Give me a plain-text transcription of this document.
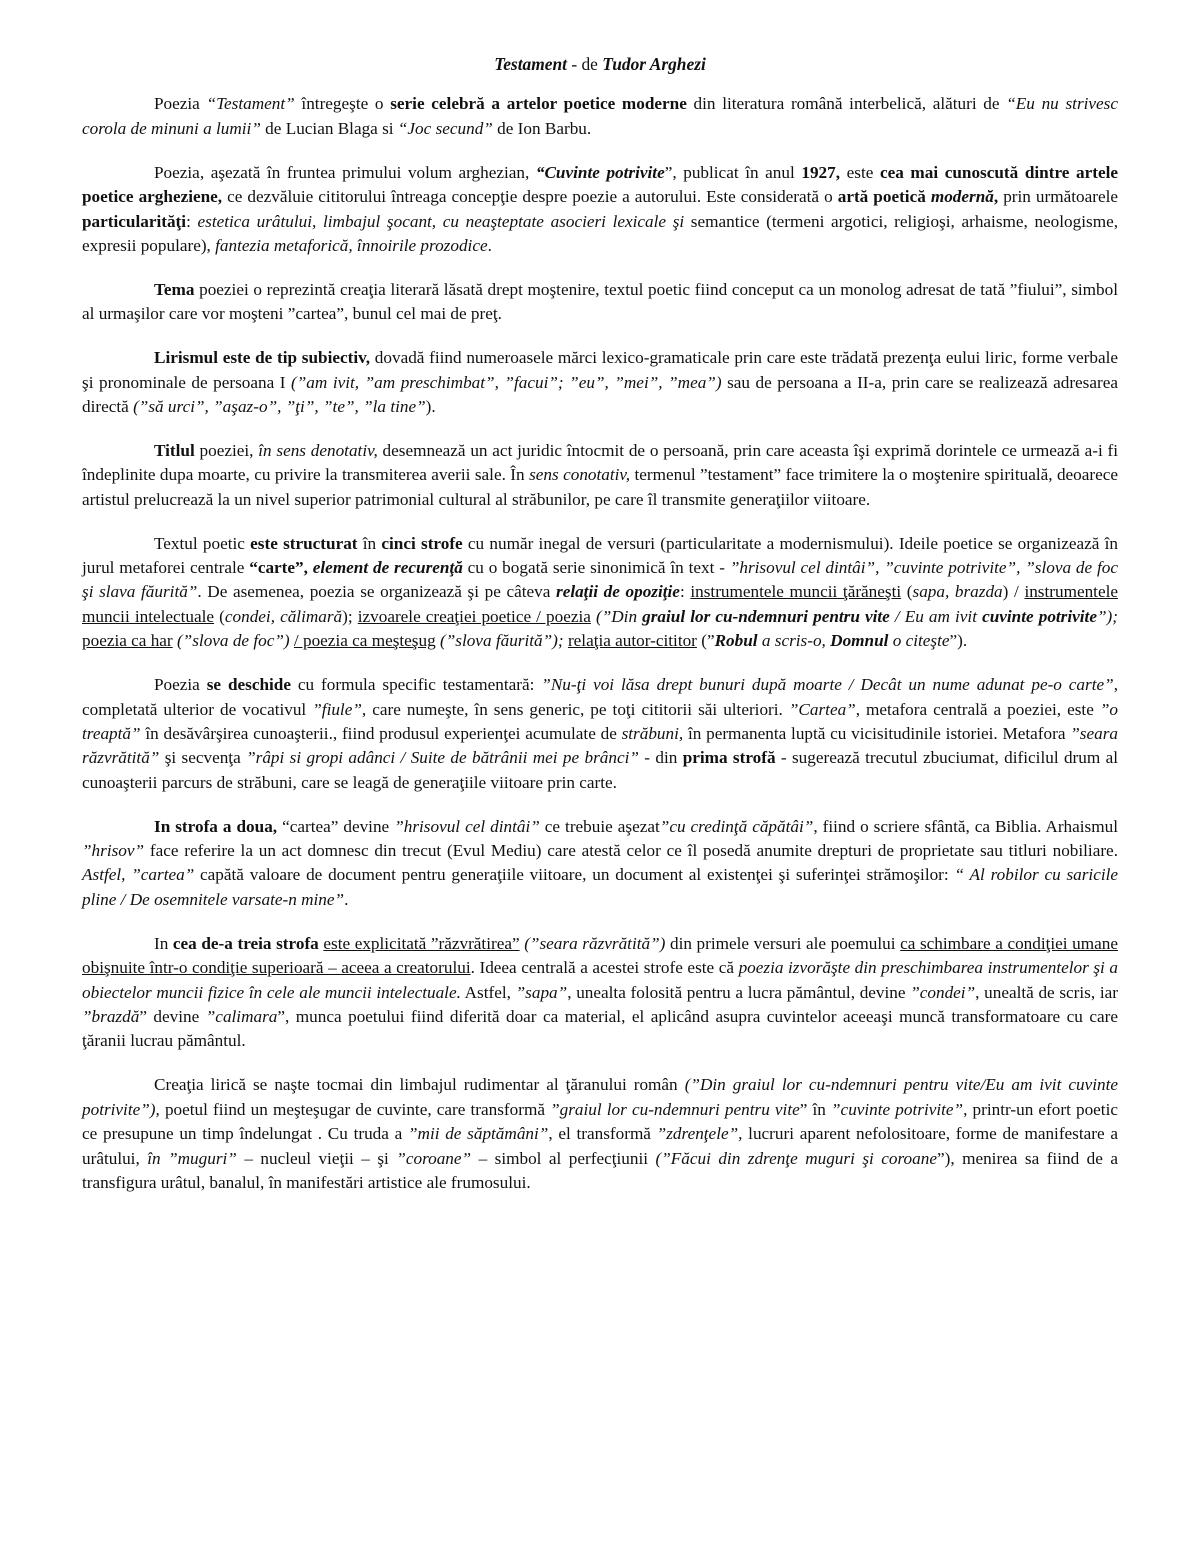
Testament - de Tudor Arghezi

Poezia “Testament” întregeşte o serie celebră a artelor poetice moderne din literatura română interbelică, alături de “Eu nu strivesc corola de minuni a lumii” de Lucian Blaga si “Joc secund” de Ion Barbu.

Poezia, aşezată în fruntea primului volum arghezian, “Cuvinte potrivite”, publicat în anul 1927, este cea mai cunoscută dintre artele poetice argheziene, ce dezvăluie cititorului întreaga concepţie despre poezie a autorului. Este considerată o artă poetică modernă, prin următoarele particularităţi: estetica urâtului, limbajul şocant, cu neaşteptate asocieri lexicale şi semantice (termeni argotici, religioşi, arhaisme, neologisme, expresii populare), fantezia metaforică, înnoirile prozodice.

Tema poeziei o reprezintă creaţia literară lăsată drept moştenire, textul poetic fiind conceput ca un monolog adresat de tată ”fiului”, simbol al urmaşilor care vor moşteni ”cartea”, bunul cel mai de preţ.

Lirismul este de tip subiectiv, dovadă fiind numeroasele mărci lexico-gramaticale prin care este trădată prezenţa eului liric, forme verbale şi pronominale de persoana I (”am ivit, ”am preschimbat”, ”facui”; ”eu”, ”mei”, ”mea”) sau de persoana a II-a, prin care se realizează adresarea directă (”să urci”, ”aşaz-o”, ”ţi”, ”te”, ”la tine”).

Titlul poeziei, în sens denotativ, desemnează un act juridic întocmit de o persoană, prin care aceasta îşi exprimă dorintele ce urmează a-i fi îndeplinite dupa moarte, cu privire la transmiterea averii sale. În sens conotativ, termenul ”testament” face trimitere la o moştenire spirituală, deoarece artistul prelucrează la un nivel superior patrimonial cultural al străbunilor, pe care îl transmite generaţiilor viitoare.

Textul poetic este structurat în cinci strofe cu număr inegal de versuri (particularitate a modernismului). Ideile poetice se organizează în jurul metaforei centrale “carte”, element de recurenţă cu o bogată serie sinonimică în text - ”hrisovul cel dintâi”, ”cuvinte potrivite”, ”slova de foc şi slava făurită”. De asemenea, poezia se organizează şi pe câteva relaţii de opoziţie: instrumentele muncii ţărăneşti (sapa, brazda) / instrumentele muncii intelectuale (condei, călimară); izvoarele creaţiei poetice / poezia (”Din graiul lor cu-ndemnuri pentru vite / Eu am ivit cuvinte potrivite”); poezia ca har (”slova de foc”) / poezia ca meşteşug (”slova făurită”); relaţia autor-cititor (”Robul a scris-o, Domnul o citeşte”).

Poezia se deschide cu formula specific testamentară: ”Nu-ţi voi lăsa drept bunuri după moarte / Decât un nume adunat pe-o carte”, completată ulterior de vocativul ”fiule”, care numeşte, în sens generic, pe toţi cititorii săi ulteriori. ”Cartea”, metafora centrală a poeziei, este ”o treaptă” în desăvârşirea cunoaşterii., fiind produsul experienţei acumulate de străbuni, în permanenta luptă cu vicisitudinile istoriei. Metafora ”seara răzvrătită” şi secvenţa ”râpi si gropi adânci / Suite de bătrânii mei pe brânci” - din prima strofă - sugerează trecutul zbuciumat, dificilul drum al cunoaşterii parcurs de străbuni, care se leagă de generaţiile viitoare prin carte.

In strofa a doua, “cartea” devine ”hrisovul cel dintâi” ce trebuie aşezat”cu credinţă căpătâi”, fiind o scriere sfântă, ca Biblia. Arhaismul ”hrisov” face referire la un act domnesc din trecut (Evul Mediu) care atestă celor ce îl posedă anumite drepturi de proprietate sau titluri nobiliare. Astfel, ”cartea” capătă valoare de document pentru generaţiile viitoare, un document al existenţei şi suferinţei strămoşilor: “ Al robilor cu saricile pline / De osemnitele varsate-n mine”.

In cea de-a treia strofa este explicitată ”răzvrătirea” (”seara răzvrătită”) din primele versuri ale poemului ca schimbare a condiţiei umane obişnuite într-o condiţie superioară – aceea a creatorului. Ideea centrală a acestei strofe este că poezia izvorăşte din preschimbarea instrumentelor şi a obiectelor muncii fizice în cele ale muncii intelectuale. Astfel, ”sapa”, unealta folosită pentru a lucra pământul, devine ”condei”, unealtă de scris, iar ”brazdă” devine ”calimara”, munca poetului fiind diferită doar ca material, el aplicând asupra cuvintelor aceeaşi muncă transformatoare cu care ţăranii lucrau pământul.

Creaţia lirică se naşte tocmai din limbajul rudimentar al ţăranului român (”Din graiul lor cu-ndemnuri pentru vite/Eu am ivit cuvinte potrivite”), poetul fiind un meşteşugar de cuvinte, care transformă ”graiul lor cu-ndemnuri pentru vite” în ”cuvinte potrivite”, printr-un efort poetic ce presupune un timp îndelungat . Cu truda a ”mii de săptămâni”, el transformă ”zdrenţele”, lucruri aparent nefolositoare, forme de manifestare a urâtului, în ”muguri” – nucleul vieţii – şi ”coroane” – simbol al perfecţiunii (”Făcui din zdrenţe muguri şi coroane”), menirea sa fiind de a transfigura urâtul, banalul, în manifestări artistice ale frumosului.
